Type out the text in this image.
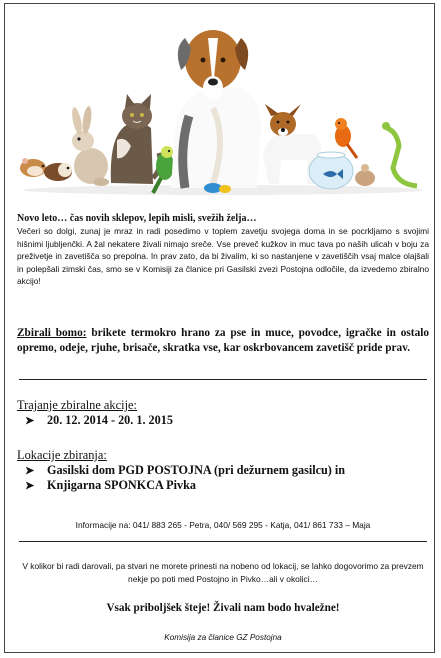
Novo leto… čas novih sklepov, lepih misli, svežih želja…
Večeri so dolgi, zunaj je mraz in radi posedimo v toplem zavetju svojega doma in se pocrkljamo s svojimi hišnimi ljubljenčki. A žal nekatere živali nimajo sreče. Vse preveč kužkov in muc tava po naših ulicah v boju za preživetje in zavetišča so prepolna. In prav zato, da bi živalim, ki so nastanjene v zavetiščih vsaj malce olajšali in polepšali zimski čas, smo se v Komisiji za članice pri Gasilski zvezi Postojna odločile, da izvedemo zbiralno akcijo!
Zbirali bomo: brikete termokro hrano za pse in muce, povodce, igračke in ostalo opremo, odeje, rjuhe, brisače, skratka vse, kar oskrbovancem zavetišč pride prav.
Trajanje zbiralne akcije:
➤ 20. 12. 2014 - 20. 1. 2015
Lokacije zbiranja:
➤ Gasilski dom PGD POSTOJNA (pri dežurnem gasilcu) in
➤ Knjigarna SPONKCA Pivka
Informacije na: 041/ 883 265 - Petra, 040/ 569 295 - Katja, 041/ 861 733 – Maja
V kolikor bi radi darovali, pa stvari ne morete prinesti na nobeno od lokacij, se lahko dogovorimo za prevzem nekje po poti med Postojno in Pivko…ali v okolici…
Vsak priboljšek šteje! Živali nam bodo hvaležne!
Komisija za članice GZ Postojna
